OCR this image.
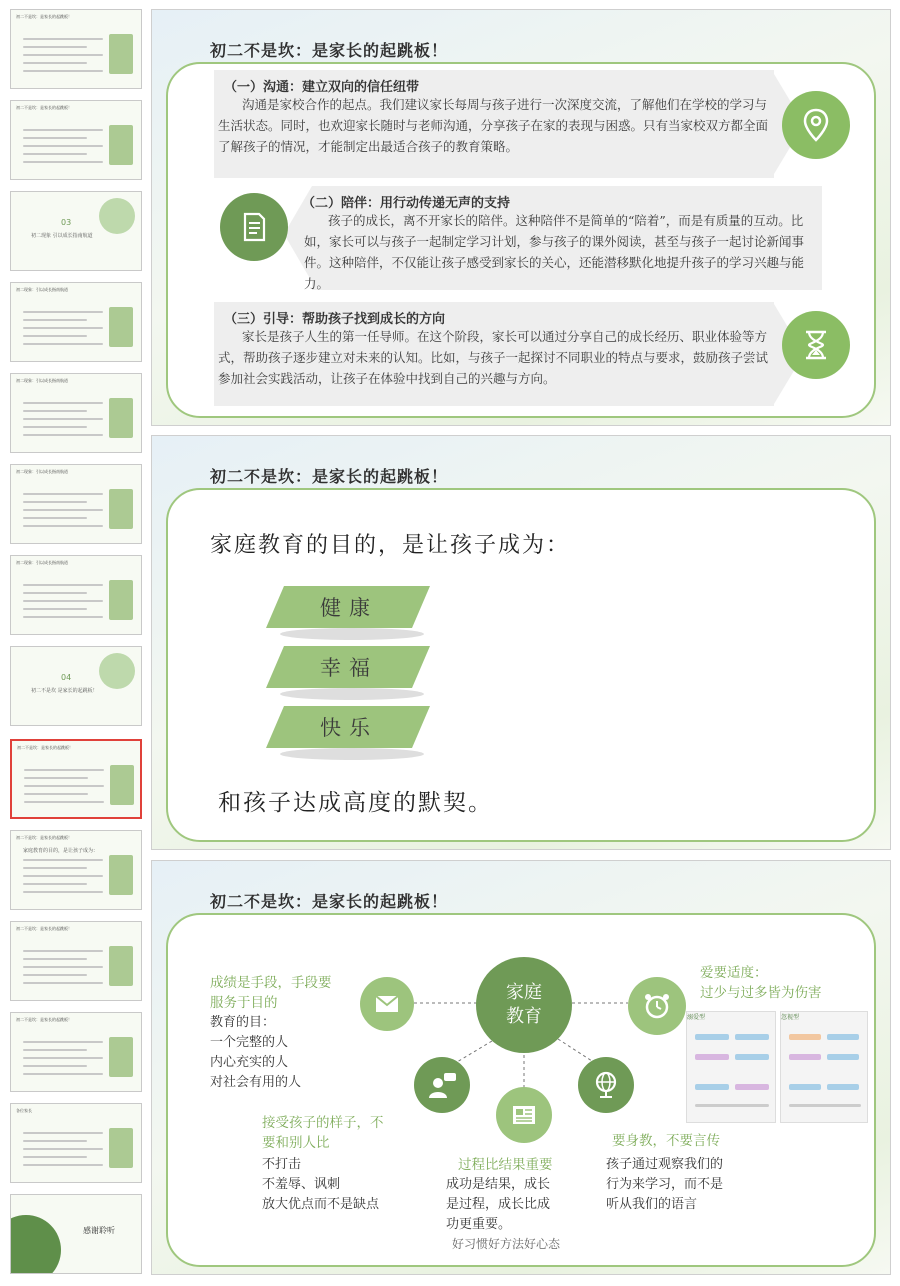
初二不是坎：是家长的起跳板！
初二不是坎：是家长的起跳板！
03
初二现象 引以成长指南航道
初二现象：引以成长指南航道
初二现象：引以成长指南航道
初二现象：引以成长指南航道
初二现象：引以成长指南航道
04
初二不是坎 是家长的起跳板！
初二不是坎：是家长的起跳板！
初二不是坎：是家长的起跳板！
家庭教育的目的，是让孩子成为：
初二不是坎：是家长的起跳板！
初二不是坎：是家长的起跳板！
各位家长
感谢聆听
初二不是坎：是家长的起跳板！
（一）沟通：建立双向的信任纽带
沟通是家校合作的起点。我们建议家长每周与孩子进行一次深度交流，了解他们在学校的学习与生活状态。同时，也欢迎家长随时与老师沟通，分享孩子在家的表现与困惑。只有当家校双方都全面了解孩子的情况，才能制定出最适合孩子的教育策略。
（二）陪伴：用行动传递无声的支持
孩子的成长，离不开家长的陪伴。这种陪伴不是简单的“陪着”，而是有质量的互动。比如，家长可以与孩子一起制定学习计划，参与孩子的课外阅读，甚至与孩子一起讨论新闻事件。这种陪伴，不仅能让孩子感受到家长的关心，还能潜移默化地提升孩子的学习兴趣与能力。
（三）引导：帮助孩子找到成长的方向
家长是孩子人生的第一任导师。在这个阶段，家长可以通过分享自己的成长经历、职业体验等方式，帮助孩子逐步建立对未来的认知。比如，与孩子一起探讨不同职业的特点与要求，鼓励孩子尝试参加社会实践活动，让孩子在体验中找到自己的兴趣与方向。
初二不是坎：是家长的起跳板！
家庭教育的目的，是让孩子成为：
健康
幸福
快乐
和孩子达成高度的默契。
初二不是坎：是家长的起跳板！
家庭
教育
成绩是手段，手段要
服务于目的
教育的目：
一个完整的人
内心充实的人
对社会有用的人
爱要适度：
过少与过多皆为伤害
溺爱型	忽视型
接受孩子的样子，不
要和别人比
不打击
不羞辱、讽刺
放大优点而不是缺点
过程比结果重要
成功是结果，成长
是过程，成长比成
功更重要。
要身教，不要言传
孩子通过观察我们的
行为来学习，而不是
听从我们的语言
好习惯好方法好心态
